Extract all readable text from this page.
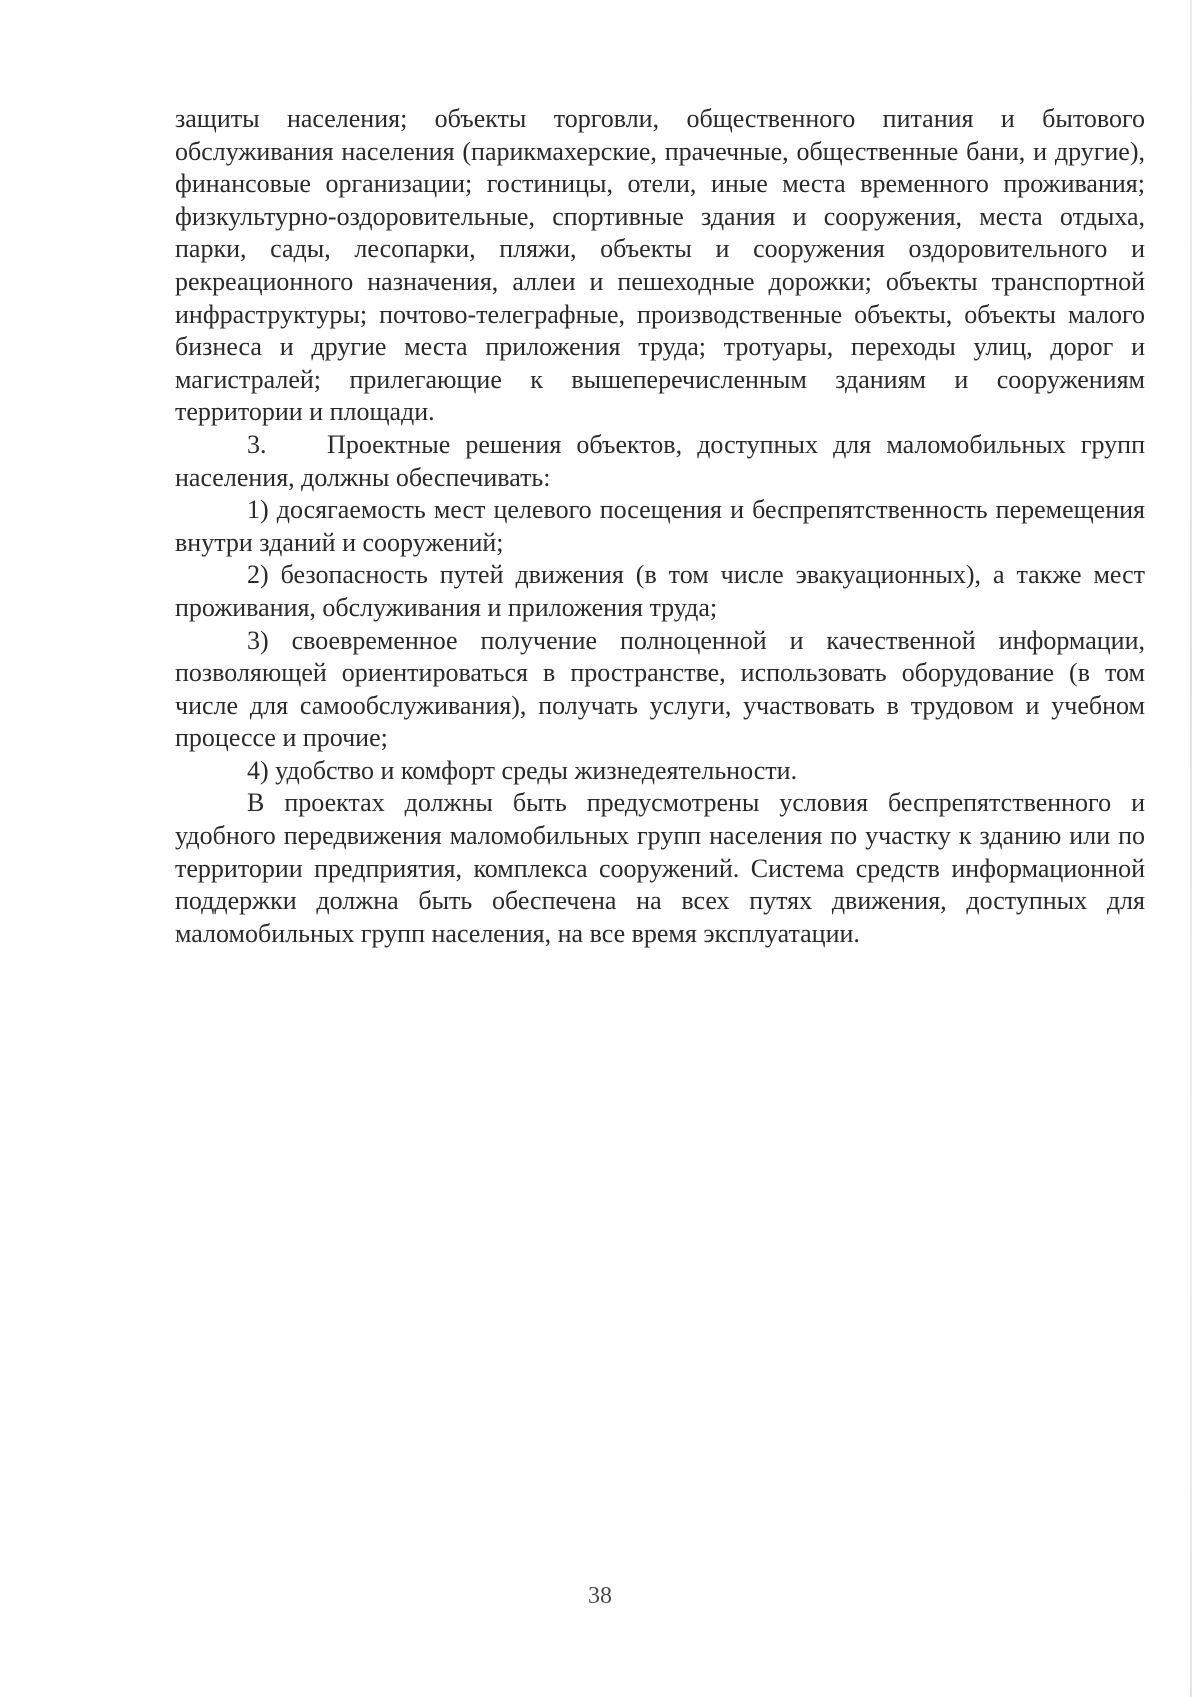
защиты населения; объекты торговли, общественного питания и бытового обслуживания населения (парикмахерские, прачечные, общественные бани, и другие), финансовые организации; гостиницы, отели, иные места временного проживания; физкультурно-оздоровительные, спортивные здания и сооружения, места отдыха, парки, сады, лесопарки, пляжи, объекты и сооружения оздоровительного и рекреационного назначения, аллеи и пешеходные дорожки; объекты транспортной инфраструктуры; почтово-телеграфные, производственные объекты, объекты малого бизнеса и другие места приложения труда; тротуары, переходы улиц, дорог и магистралей; прилегающие к вышеперечисленным зданиям и сооружениям территории и площади.

3.    Проектные решения объектов, доступных для маломобильных групп населения, должны обеспечивать:

1) досягаемость мест целевого посещения и беспрепятственность перемещения внутри зданий и сооружений;

2) безопасность путей движения (в том числе эвакуационных), а также мест проживания, обслуживания и приложения труда;

3) своевременное получение полноценной и качественной информации, позволяющей ориентироваться в пространстве, использовать оборудование (в том числе для самообслуживания), получать услуги, участвовать в трудовом и учебном процессе и прочие;

4) удобство и комфорт среды жизнедеятельности.

В проектах должны быть предусмотрены условия беспрепятственного и удобного передвижения маломобильных групп населения по участку к зданию или по территории предприятия, комплекса сооружений. Система средств информационной поддержки должна быть обеспечена на всех путях движения, доступных для маломобильных групп населения, на все время эксплуатации.

38
